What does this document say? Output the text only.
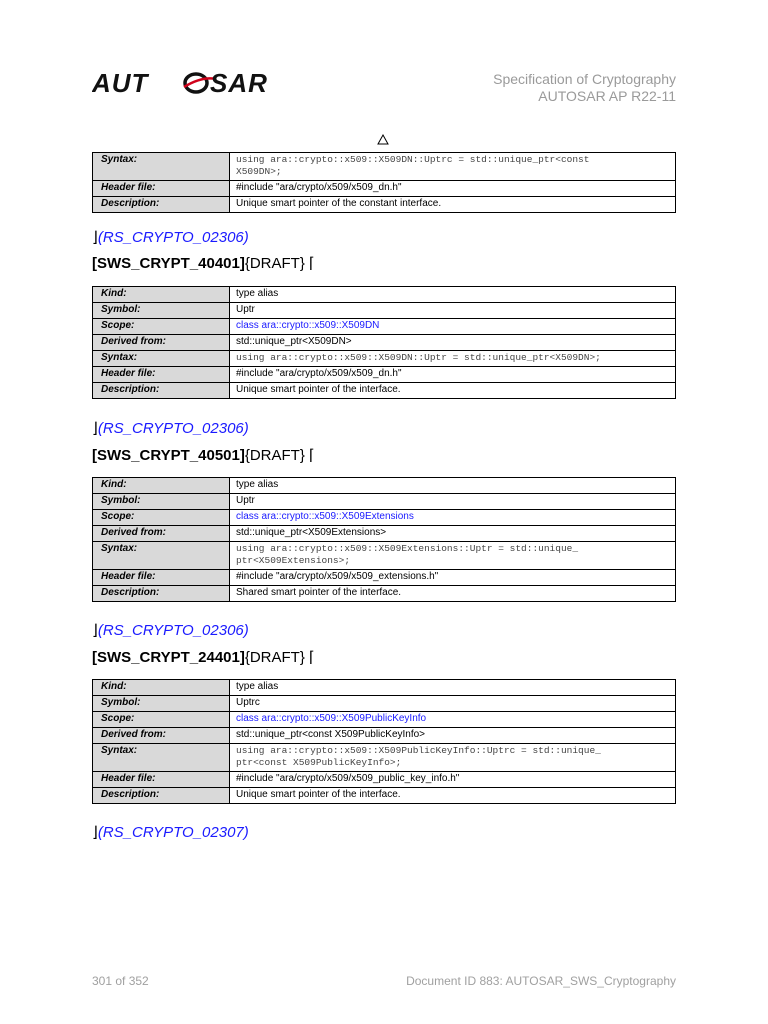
AUT SAR	Specification of Cryptography
AUTOSAR AP R22-11
Syntax:	using ara::crypto::x509::X509DN::Uptrc = std::unique_ptr<const
X509DN>;
Header file:	#include "ara/crypto/x509/x509_dn.h"
Description:	Unique smart pointer of the constant interface.
⌋(RS_CRYPTO_02306)
[SWS_CRYPT_40401]{DRAFT} ⌈
Kind:	type alias
Symbol:	Uptr
Scope:	class ara::crypto::x509::X509DN
Derived from:	std::unique_ptr<X509DN>
Syntax:	using ara::crypto::x509::X509DN::Uptr = std::unique_ptr<X509DN>;
Header file:	#include "ara/crypto/x509/x509_dn.h"
Description:	Unique smart pointer of the interface.
⌋(RS_CRYPTO_02306)
[SWS_CRYPT_40501]{DRAFT} ⌈
Kind:	type alias
Symbol:	Uptr
Scope:	class ara::crypto::x509::X509Extensions
Derived from:	std::unique_ptr<X509Extensions>
Syntax:	using ara::crypto::x509::X509Extensions::Uptr = std::unique_
ptr<X509Extensions>;
Header file:	#include "ara/crypto/x509/x509_extensions.h"
Description:	Shared smart pointer of the interface.
⌋(RS_CRYPTO_02306)
[SWS_CRYPT_24401]{DRAFT} ⌈
Kind:	type alias
Symbol:	Uptrc
Scope:	class ara::crypto::x509::X509PublicKeyInfo
Derived from:	std::unique_ptr<const X509PublicKeyInfo>
Syntax:	using ara::crypto::x509::X509PublicKeyInfo::Uptrc = std::unique_
ptr<const X509PublicKeyInfo>;
Header file:	#include "ara/crypto/x509/x509_public_key_info.h"
Description:	Unique smart pointer of the interface.
⌋(RS_CRYPTO_02307)
301 of 352	Document ID 883: AUTOSAR_SWS_Cryptography
